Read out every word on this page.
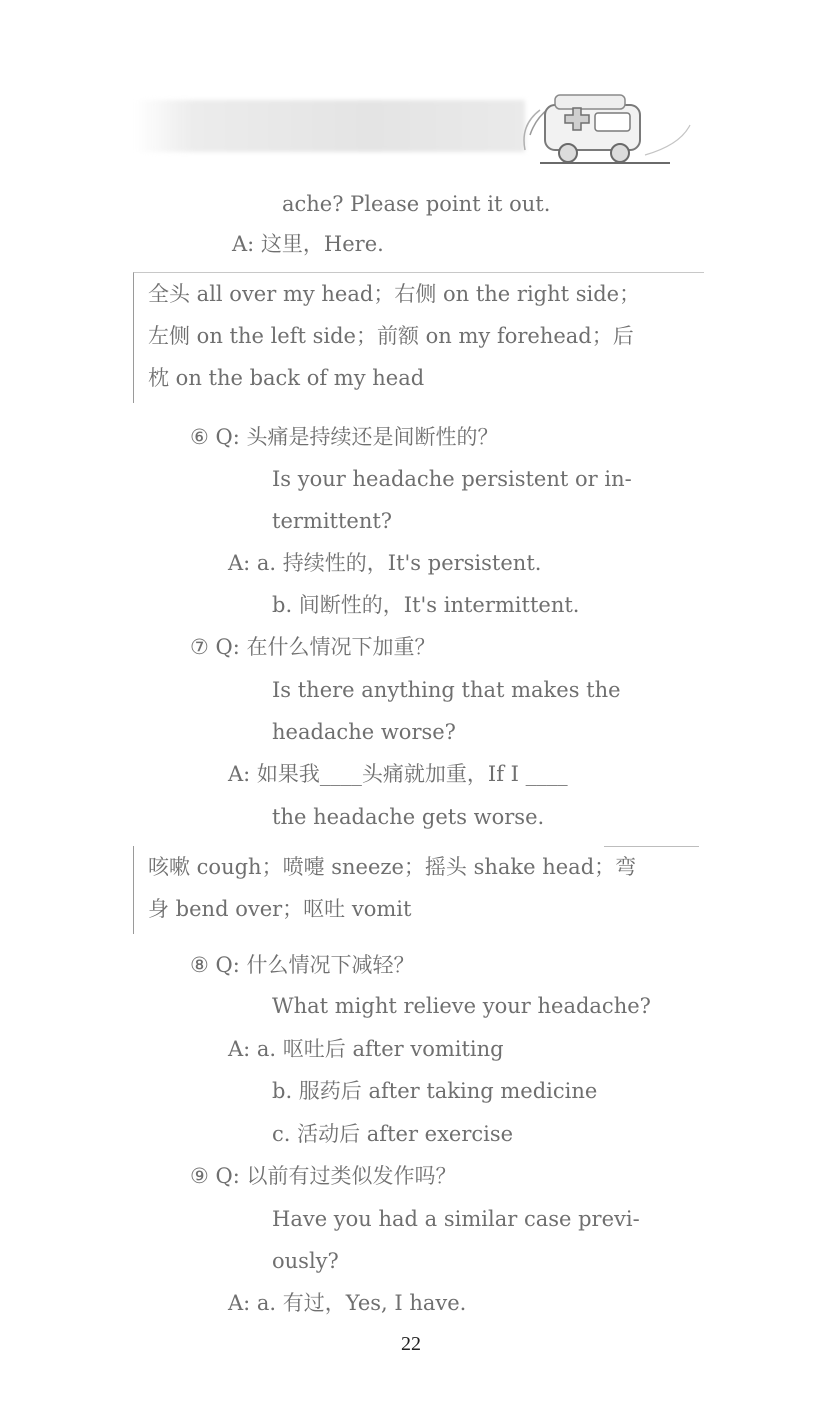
ache? Please point it out.
A: 这里，Here.
全头 all over my head；右侧 on the right side；
左侧 on the left side；前额 on my forehead；后
枕 on the back of my head
⑥ Q: 头痛是持续还是间断性的？
Is your headache persistent or in-
termittent?
A: a. 持续性的，It's persistent.
b. 间断性的，It's intermittent.
⑦ Q: 在什么情况下加重？
Is there anything that makes the
headache worse?
A: 如果我____头痛就加重，If I ____
the headache gets worse.
咳嗽 cough；喷嚏 sneeze；摇头 shake head；弯
身 bend over；呕吐 vomit
⑧ Q: 什么情况下减轻？
What might relieve your headache?
A: a. 呕吐后 after vomiting
b. 服药后 after taking medicine
c. 活动后 after exercise
⑨ Q: 以前有过类似发作吗？
Have you had a similar case previ-
ously?
A: a. 有过，Yes, I have.
22
